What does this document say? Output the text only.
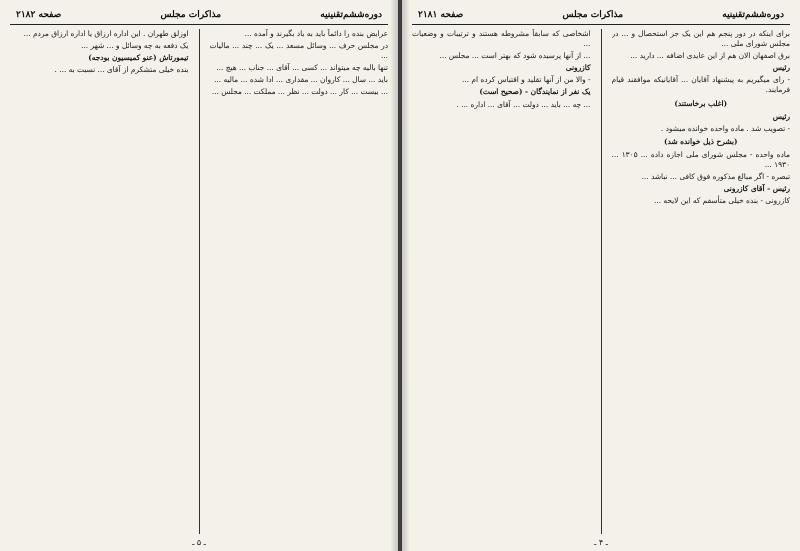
دوره‌ششم‌تقنینیه
مذاکرات مجلس
صفحه ۲۱۸۲

عرایض بنده را دائماً باید به یاد بگیرند و آمده ...

در مجلس حرف ... وسائل مسعد ... یک ... چند ... مالیات ...

تنها بالیه چه میتواند ... کسی ... آقای ... جناب ... هیچ ...

باید ... سال ... کاروان ... مقداری ... ادا شده ... مالیه ...

... بیست ... کار ... دولت ... نظر ... مملکت ... مجلس ...

اوزلق طهران . این اداره ارزاق یا اداره ارزاق مردم ...

یک دفعه به چه وسائل و ... شهر ...

تیمورتاش (عنو کمیسیون بودجه)

بنده خیلی متشکرم از آقای ... نسبت به ... .

ـ ۵ ـ
دوره‌ششم‌تقنینیه
مذاکرات مجلس
صفحه ۲۱۸۱

برای اینکه در دور پنجم هم این یک جز استحصال و ... در مجلس شورای ملی ...

برق اصفهان الان هم از این عایدی اضافه ... دارید ...

رئیس

- رای میگیریم به پیشنهاد آقایان ... آقایانیکه موافقند قیام فرمایند.

(اغلب برخاستند)

رئیس

- تصویب شد . ماده واحده خوانده میشود .

(بشرح ذیل خوانده شد)

ماده واحده - مجلس شورای ملی اجازه داده ... ۱۳۰۵ ... ۱۹۳۰ ...

تبصره - اگر مبالغ مذکوره فوق کافی ... نباشد ...

رئیس - آقای کازرونی

کازرونی - بنده خیلی متأسفم که این لایحه ...

اشخاصی که سابقاً مشروطه هستند و ترتیبات و وضعیات ...

... از آنها پرسیده شود که بهتر است ... مجلس ...

کازرونی

- والا من از آنها تقلید و اقتباس کرده ام ...

یک نفر از نمایندگان - (صحیح است)

... چه ... باید ... دولت ... آقای ... اداره ... .

ـ ۴ ـ
